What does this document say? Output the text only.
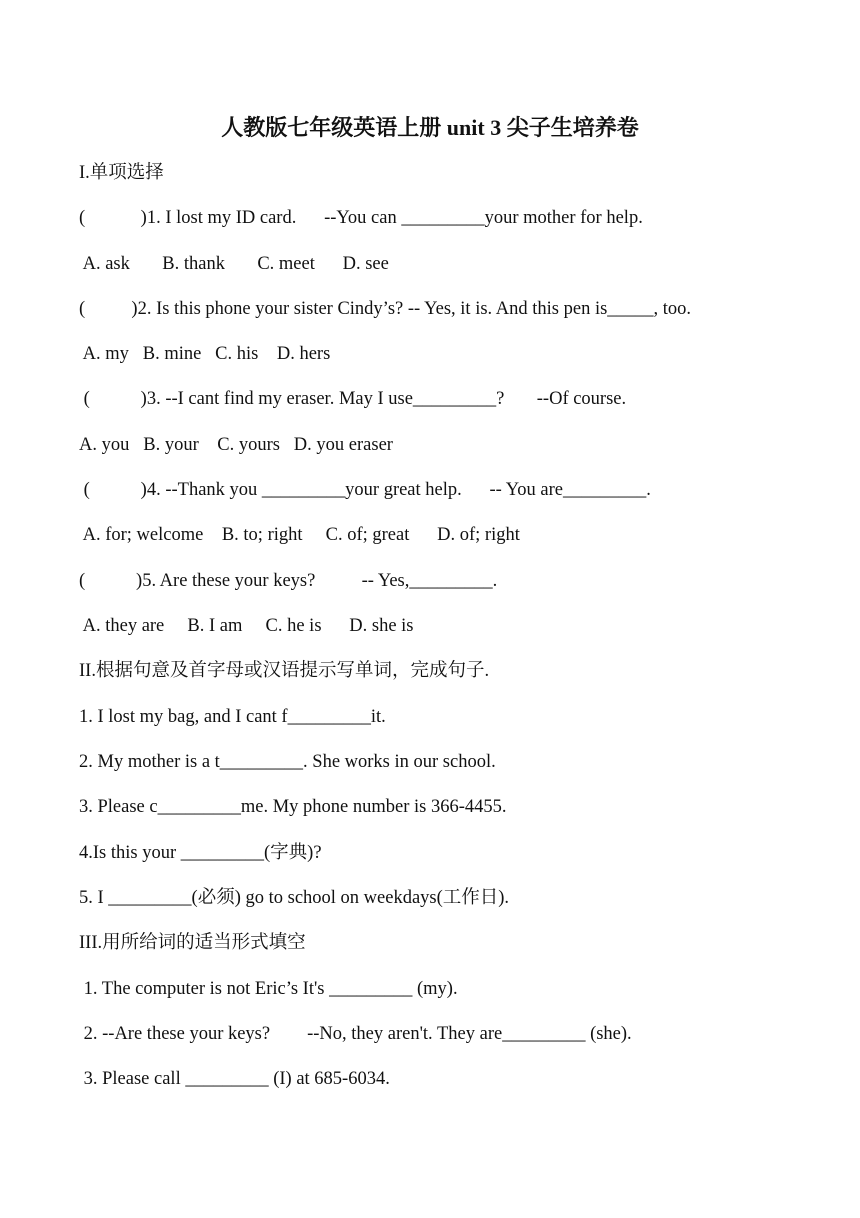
人教版七年级英语上册 unit 3 尖子生培养卷
I.单项选择
(            )1. I lost my ID card.      --You can _________your mother for help.
A. ask       B. thank       C. meet      D. see
(          )2. Is this phone your sister Cindy’s? -- Yes, it is. And this pen is_____, too.
A. my   B. mine   C. his    D. hers
(           )3. --I cant find my eraser. May I use_________?       --Of course.
A. you   B. your    C. yours   D. you eraser
(           )4. --Thank you _________your great help.      -- You are_________.
A. for; welcome    B. to; right     C. of; great      D. of; right
(           )5. Are these your keys?          -- Yes,_________.
A. they are     B. I am     C. he is      D. she is
II.根据句意及首字母或汉语提示写单词，完成句子.
1. I lost my bag, and I cant f_________it.
2. My mother is a t_________. She works in our school.
3. Please c_________me. My phone number is 366-4455.
4.Is this your _________(字典)?
5. I _________(必须) go to school on weekdays(工作日).
III.用所给词的适当形式填空
1. The computer is not Eric’s It's _________ (my).
2. --Are these your keys?        --No, they aren't. They are_________ (she).
3. Please call _________ (I) at 685-6034.
